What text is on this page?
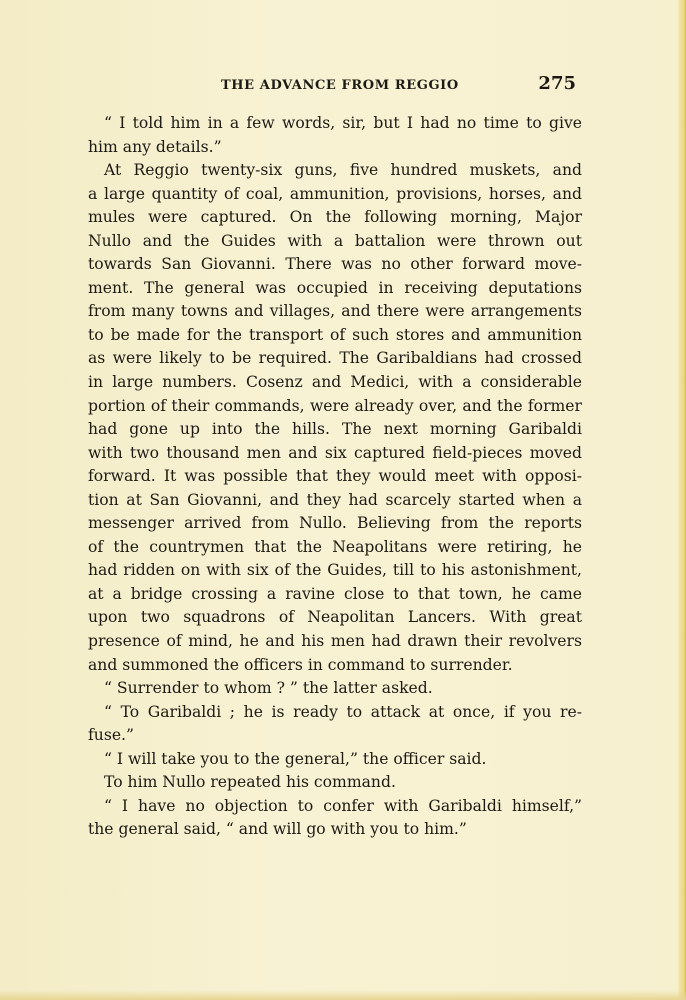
THE ADVANCE FROM REGGIO	275
“ I told him in a few words, sir, but I had no time to give
him any details.”
At Reggio twenty-six guns, five hundred muskets, and
a large quantity of coal, ammunition, provisions, horses, and
mules were captured. On the following morning, Major
Nullo and the Guides with a battalion were thrown out
towards San Giovanni. There was no other forward move-
ment. The general was occupied in receiving deputations
from many towns and villages, and there were arrangements
to be made for the transport of such stores and ammunition
as were likely to be required. The Garibaldians had crossed
in large numbers. Cosenz and Medici, with a considerable
portion of their commands, were already over, and the former
had gone up into the hills. The next morning Garibaldi
with two thousand men and six captured field-pieces moved
forward. It was possible that they would meet with opposi-
tion at San Giovanni, and they had scarcely started when a
messenger arrived from Nullo. Believing from the reports
of the countrymen that the Neapolitans were retiring, he
had ridden on with six of the Guides, till to his astonishment,
at a bridge crossing a ravine close to that town, he came
upon two squadrons of Neapolitan Lancers. With great
presence of mind, he and his men had drawn their revolvers
and summoned the officers in command to surrender.
“ Surrender to whom ? ” the latter asked.
“ To Garibaldi ; he is ready to attack at once, if you re-
fuse.”
“ I will take you to the general,” the officer said.
To him Nullo repeated his command.
“ I have no objection to confer with Garibaldi himself,”
the general said, “ and will go with you to him.”
